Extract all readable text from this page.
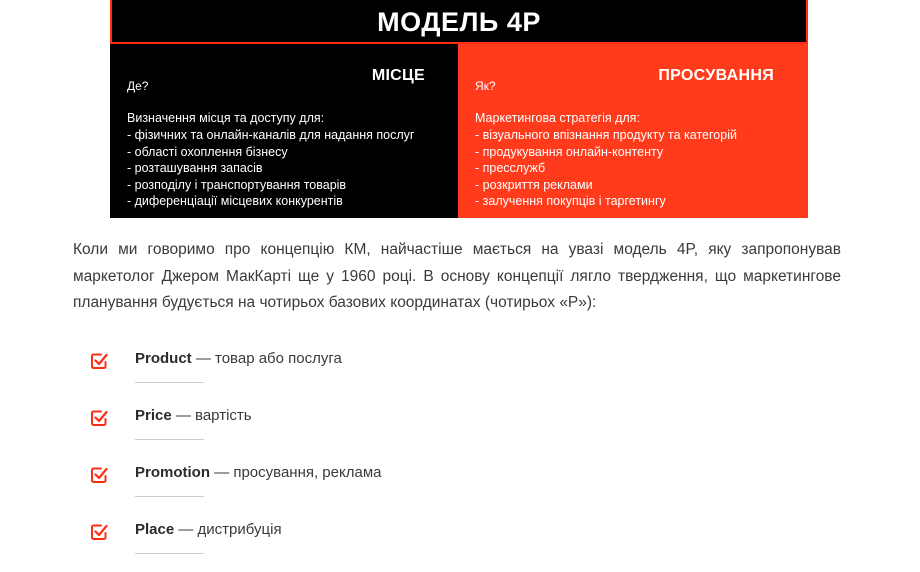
МОДЕЛЬ 4P
МІСЦЕ
Де?
Визначення місця та доступу для:
- фізичних та онлайн-каналів для надання послуг
- області охоплення бізнесу
- розташування запасів
- розподілу і транспортування товарів
- диференціації місцевих конкурентів
ПРОСУВАННЯ
Як?
Маркетингова стратегія для:
- візуального впізнання продукту та категорій
- продукування онлайн-контенту
- пресслужб
- розкриття реклами
- залучення покупців і таргетингу

Коли ми говоримо про концепцію КМ, найчастіше мається на увазі модель 4P, яку запропонував маркетолог Джером МакКарті ще у 1960 році. В основу концепції лягло твердження, що маркетингове планування будується на чотирьох базових координатах (чотирьох «P»):

Product — товар або послуга
Price — вартість
Promotion — просування, реклама
Place — дистрибуція
